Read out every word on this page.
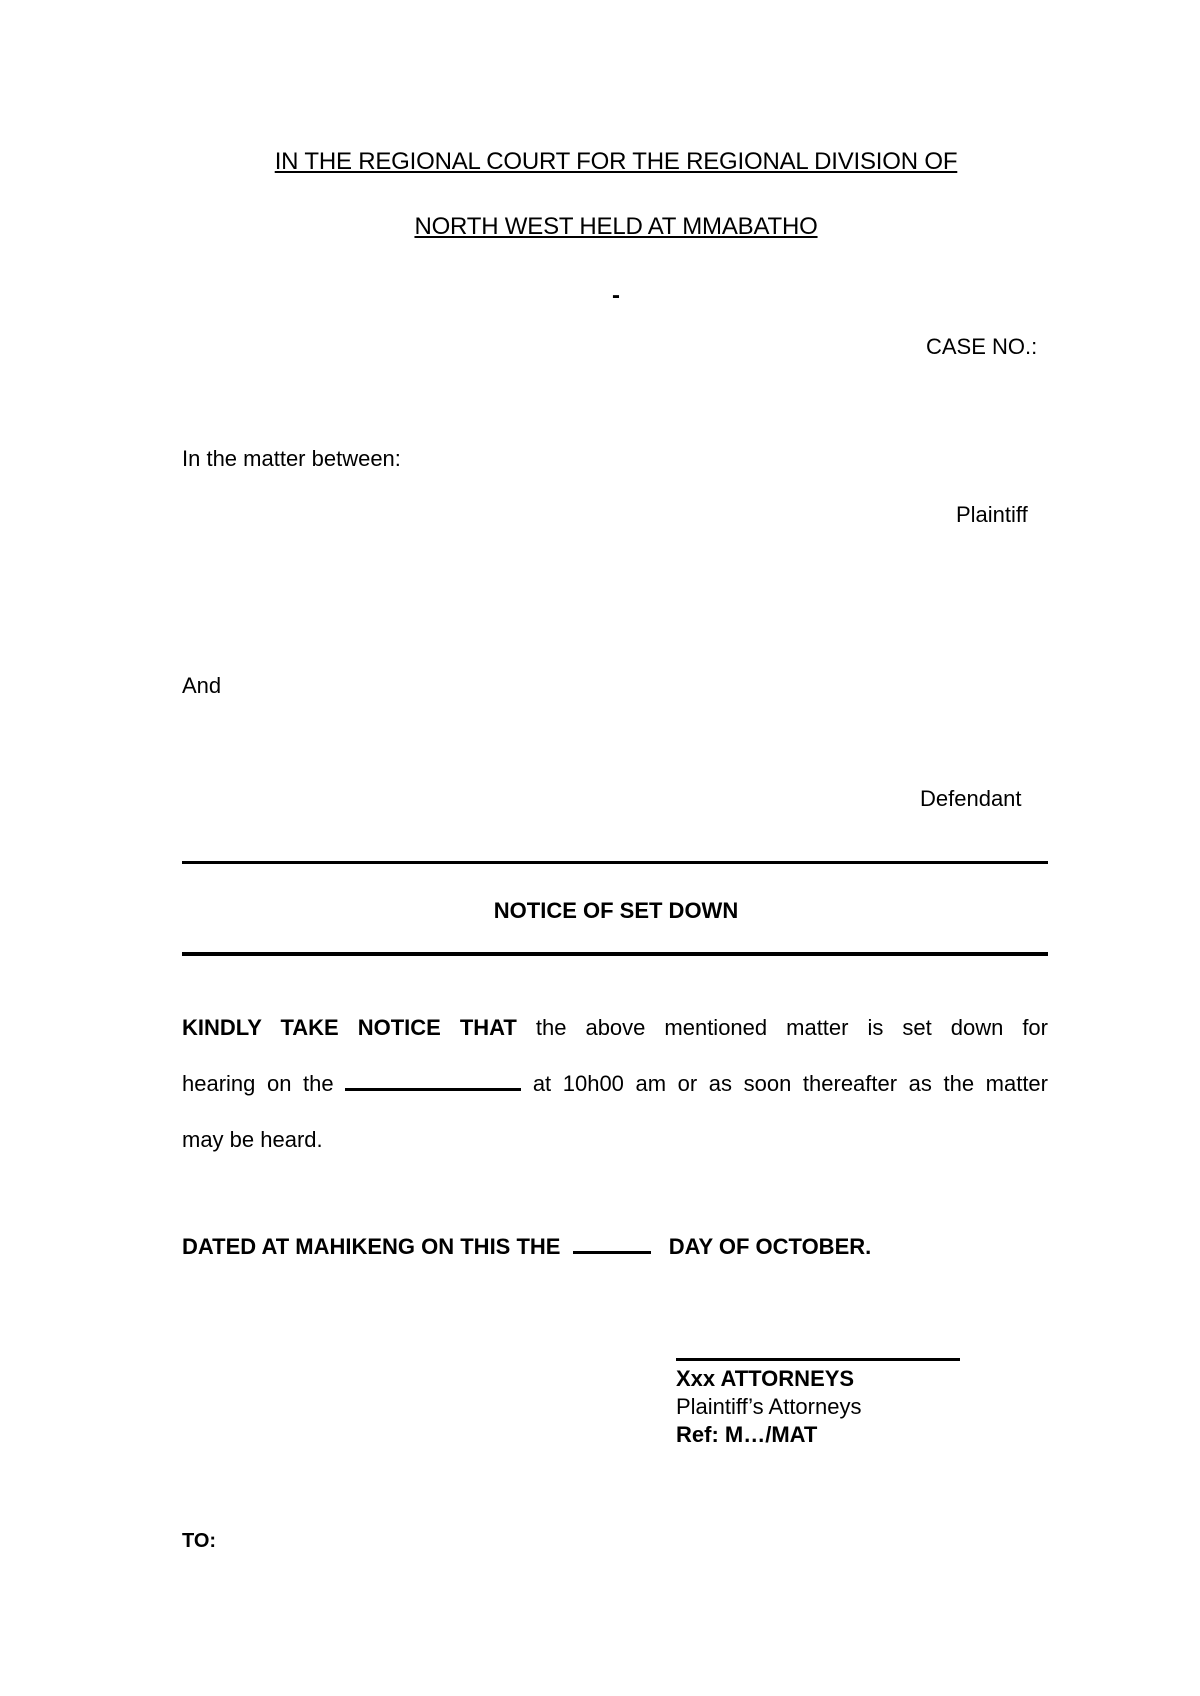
IN THE REGIONAL COURT FOR THE REGIONAL DIVISION OF
NORTH WEST HELD AT MMABATHO
-
CASE NO.:
In the matter between:
Plaintiff
And
Defendant
NOTICE OF SET DOWN
KINDLY TAKE NOTICE THAT the above mentioned matter is set down for
hearing on the	at 10h00 am or as soon thereafter as the matter
may be heard.
DATED AT MAHIKENG ON THIS THE	DAY OF OCTOBER.
Xxx ATTORNEYS
Plaintiff’s Attorneys
Ref: M…/MAT
TO:
